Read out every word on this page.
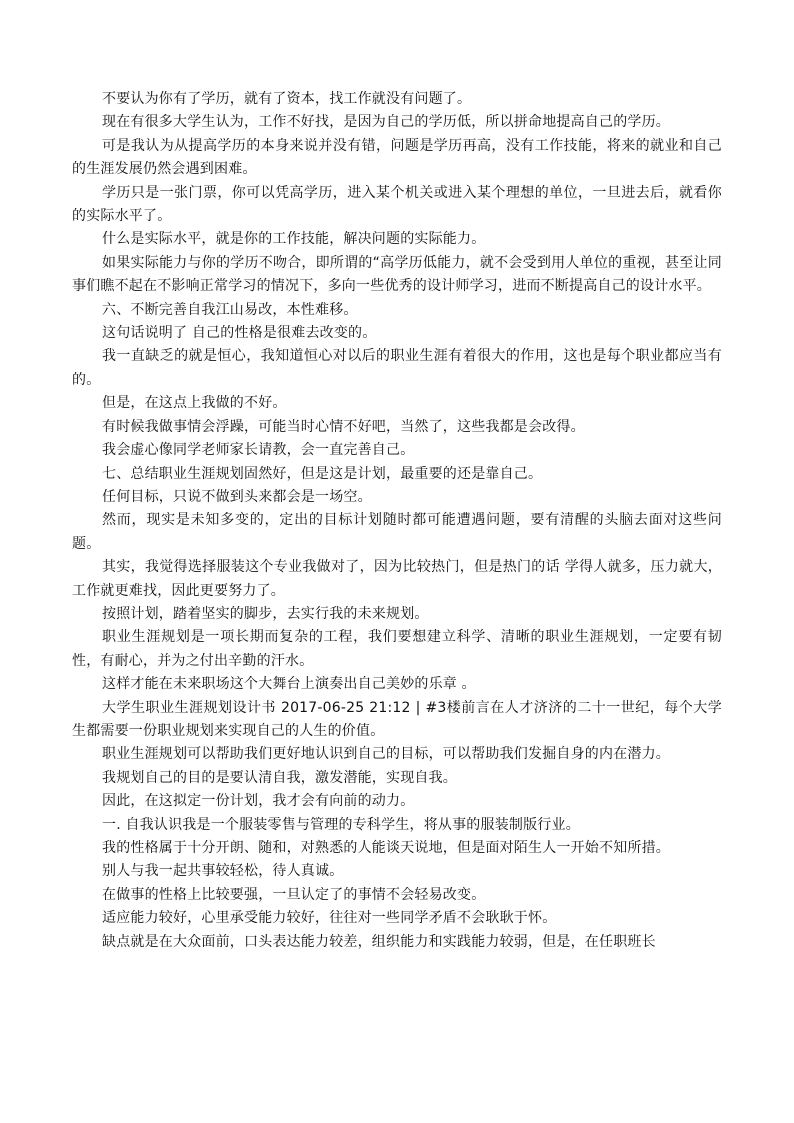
不要认为你有了学历，就有了资本，找工作就没有问题了。

现在有很多大学生认为，工作不好找，是因为自己的学历低，所以拼命地提高自己的学历。

可是我认为从提高学历的本身来说并没有错，问题是学历再高，没有工作技能，将来的就业和自己的生涯发展仍然会遇到困难。

学历只是一张门票，你可以凭高学历，进入某个机关或进入某个理想的单位，一旦进去后，就看你的实际水平了。

什么是实际水平，就是你的工作技能，解决问题的实际能力。

如果实际能力与你的学历不吻合，即所谓的“高学历低能力，就不会受到用人单位的重视，甚至让同事们瞧不起在不影响正常学习的情况下，多向一些优秀的设计师学习，进而不断提高自己的设计水平。

六、不断完善自我江山易改，本性难移。

这句话说明了 自己的性格是很难去改变的。

我一直缺乏的就是恒心，我知道恒心对以后的职业生涯有着很大的作用，这也是每个职业都应当有的。

但是，在这点上我做的不好。

有时候我做事情会浮躁，可能当时心情不好吧，当然了，这些我都是会改得。

我会虚心像同学老师家长请教，会一直完善自己。

七、总结职业生涯规划固然好，但是这是计划，最重要的还是靠自己。

任何目标，只说不做到头来都会是一场空。

然而，现实是未知多变的，定出的目标计划随时都可能遭遇问题，要有清醒的头脑去面对这些问题。

其实，我觉得选择服装这个专业我做对了，因为比较热门，但是热门的话 学得人就多，压力就大，工作就更难找，因此更要努力了。

按照计划，踏着坚实的脚步，去实行我的未来规划。

职业生涯规划是一项长期而复杂的工程，我们要想建立科学、清晰的职业生涯规划，一定要有韧性，有耐心，并为之付出辛勤的汗水。

这样才能在未来职场这个大舞台上演奏出自己美妙的乐章 。

大学生职业生涯规划设计书 2017-06-25 21:12 | #3楼前言在人才济济的二十一世纪，每个大学生都需要一份职业规划来实现自己的人生的价值。

职业生涯规划可以帮助我们更好地认识到自己的目标，可以帮助我们发掘自身的内在潜力。

我规划自己的目的是要认清自我，激发潜能，实现自我。

因此，在这拟定一份计划，我才会有向前的动力。

一. 自我认识我是一个服装零售与管理的专科学生，将从事的服装制版行业。

我的性格属于十分开朗、随和，对熟悉的人能谈天说地，但是面对陌生人一开始不知所措。

别人与我一起共事较轻松，待人真诚。

在做事的性格上比较要强，一旦认定了的事情不会轻易改变。

适应能力较好，心里承受能力较好，往往对一些同学矛盾不会耿耿于怀。

缺点就是在大众面前，口头表达能力较差，组织能力和实践能力较弱，但是，在任职班长
